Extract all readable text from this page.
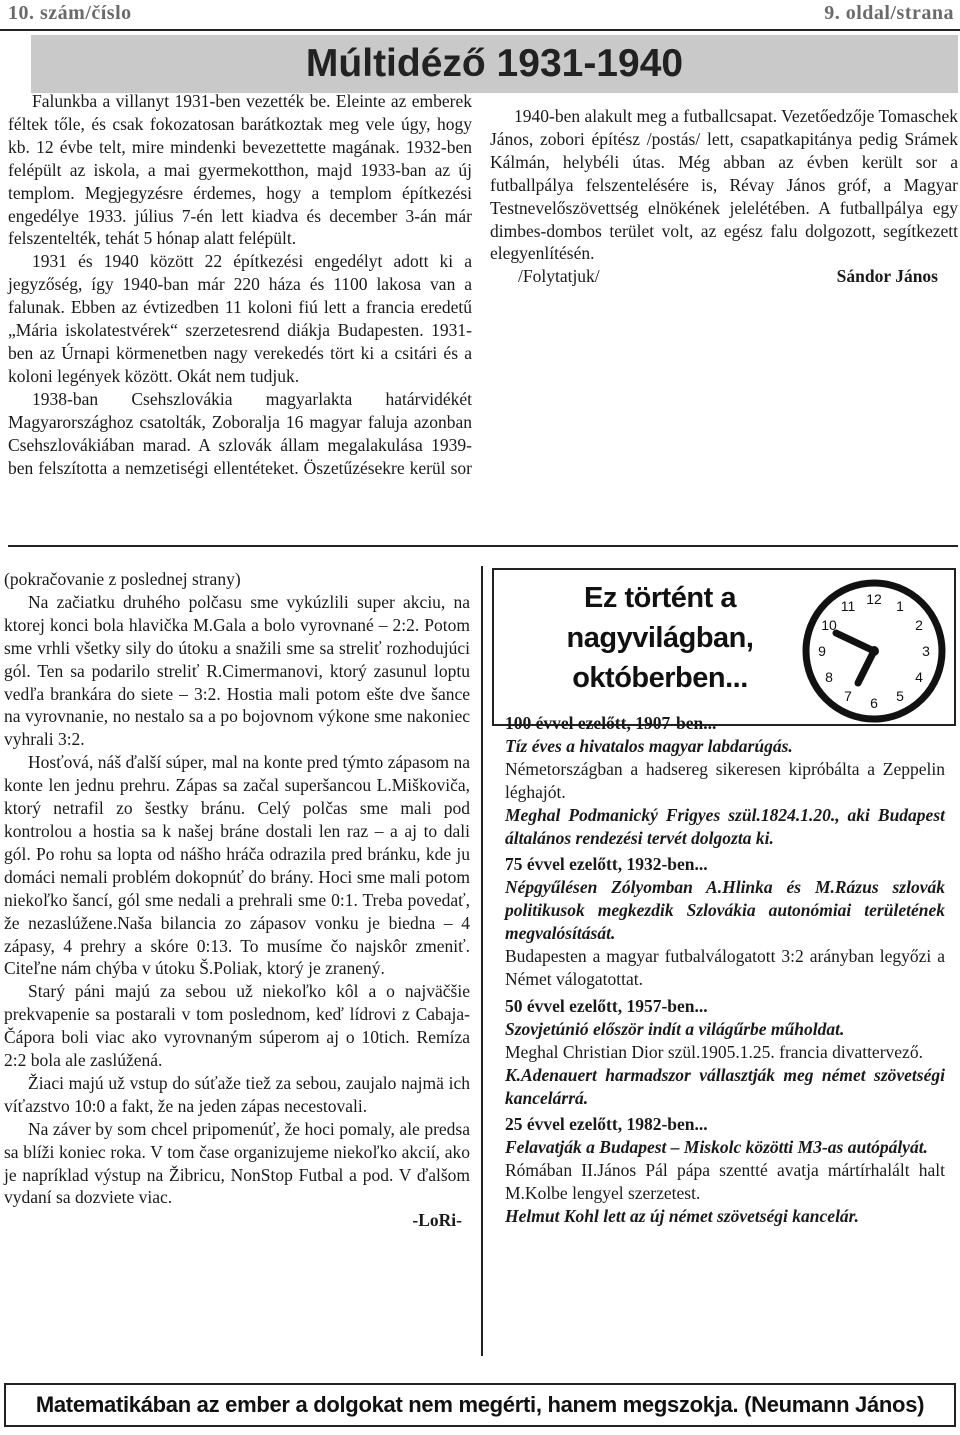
10. szám/číslo	9. oldal/strana
Múltidéző 1931-1940

Falunkba a villanyt 1931-ben vezették be. Eleinte az emberek féltek tőle, és csak fokozatosan barátkoztak meg vele úgy, hogy kb. 12 évbe telt, mire mindenki bevezettette magának. 1932-ben felépült az iskola, a mai gyermekotthon, majd 1933-ban az új templom. Megjegyzésre érdemes, hogy a templom építkezési engedélye 1933. július 7-én lett kiadva és december 3-án már felszentelték, tehát 5 hónap alatt felépült.

1931 és 1940 között 22 építkezési engedélyt adott ki a jegyzőség, így 1940-ban már 220 háza és 1100 lakosa van a falunak. Ebben az évtizedben 11 koloni fiú lett a francia eredetű „Mária iskolatestvérek“ szerzetesrend diákja Budapesten. 1931-ben az Úrnapi körmenetben nagy verekedés tört ki a csitári és a koloni legények között. Okát nem tudjuk.

1938-ban Csehszlovákia magyarlakta határvidékét Magyarországhoz csatolták, Zoboralja 16 magyar faluja azonban Csehszlovákiában marad. A szlovák állam megalakulása 1939-ben felszította a nemzetiségi ellentéteket. Öszetűzésekre kerül sor

1940-ben alakult meg a futballcsapat. Vezetőedzője Tomaschek János, zobori építész /postás/ lett, csapatkapitánya pedig Srámek Kálmán, helybéli útas. Még abban az évben került sor a futballpálya felszentelésére is, Révay János gróf, a Magyar Testnevelőszövettség elnökének jelelétében. A futballpálya egy dimbes-dombos terület volt, az egész falu dolgozott, segítkezett elegyenlítésén.

/Folytatjuk/	Sándor János

(pokračovanie z poslednej strany)

Na začiatku druhého polčasu sme vykúzlili super akciu, na ktorej konci bola hlavička M.Gala a bolo vyrovnané – 2:2. Potom sme vrhli všetky sily do útoku a snažili sme sa streliť rozhodujúci gól. Ten sa podarilo streliť R.Cimermanovi, ktorý zasunul loptu vedľa brankára do siete – 3:2. Hostia mali potom ešte dve šance na vyrovnanie, no nestalo sa a po bojovnom výkone sme nakoniec vyhrali 3:2.

Hosťová, náš ďalší súper, mal na konte pred týmto zápasom na konte len jednu prehru. Zápas sa začal superšancou L.Miškoviča, ktorý netrafil zo šestky bránu. Celý polčas sme mali pod kontrolou a hostia sa k našej bráne dostali len raz – a aj to dali gól. Po rohu sa lopta od nášho hráča odrazila pred bránku, kde ju domáci nemali problém dokopnúť do brány. Hoci sme mali potom niekoľko šancí, gól sme nedali a prehrali sme 0:1. Treba povedať, že nezaslúžene.Naša bilancia zo zápasov vonku je biedna – 4 zápasy, 4 prehry a skóre 0:13. To musíme čo najskôr zmeniť. Citeľne nám chýba v útoku Š.Poliak, ktorý je zranený.

Starý páni majú za sebou už niekoľko kôl a o najväčšie prekvapenie sa postarali v tom poslednom, keď lídrovi z Cabaja-Čápora boli viac ako vyrovnaným súperom aj o 10tich. Remíza 2:2 bola ale zaslúžená.

Žiaci majú už vstup do súťaže tiež za sebou, zaujalo najmä ich víťazstvo 10:0 a fakt, že na jeden zápas necestovali.

Na záver by som chcel pripomenúť, že hoci pomaly, ale predsa sa blíži koniec roka. V tom čase organizujeme niekoľko akcií, ako je napríklad výstup na Žibricu, NonStop Futbal a pod. V ďalšom vydaní sa dozviete viac.

-LoRi-
Ez történt a nagyvilágban, októberben...
12 1
2
3
4
5
6
7
8
9
10
11

100 évvel ezelőtt, 1907-ben...

Tíz éves a hivatalos magyar labdarúgás.

Németországban a hadsereg sikeresen kipróbálta a Zeppelin léghajót.

Meghal Podmanický Frigyes szül.1824.1.20., aki Budapest általános rendezési tervét dolgozta ki.

75 évvel ezelőtt, 1932-ben...

Népgyűlésen Zólyomban A.Hlinka és M.Rázus szlovák politikusok megkezdik Szlovákia autonómiai területének megvalósítását.

Budapesten a magyar futbalválogatott 3:2 arányban legyőzi a Német válogatottat.

50 évvel ezelőtt, 1957-ben...

Szovjetúnió először indít a világűrbe műholdat.

Meghal Christian Dior szül.1905.1.25. francia divattervező.

K.Adenauert harmadszor vállasztják meg német szövetségi kancelárrá.

25 évvel ezelőtt, 1982-ben...

Felavatják a Budapest – Miskolc közötti M3-as autópályát.

Rómában II.János Pál pápa szentté avatja mártírhalált halt M.Kolbe lengyel szerzetest.

Helmut Kohl lett az új német szövetségi kancelár.

Matematikában az ember a dolgokat nem megérti, hanem megszokja. (Neumann János)
